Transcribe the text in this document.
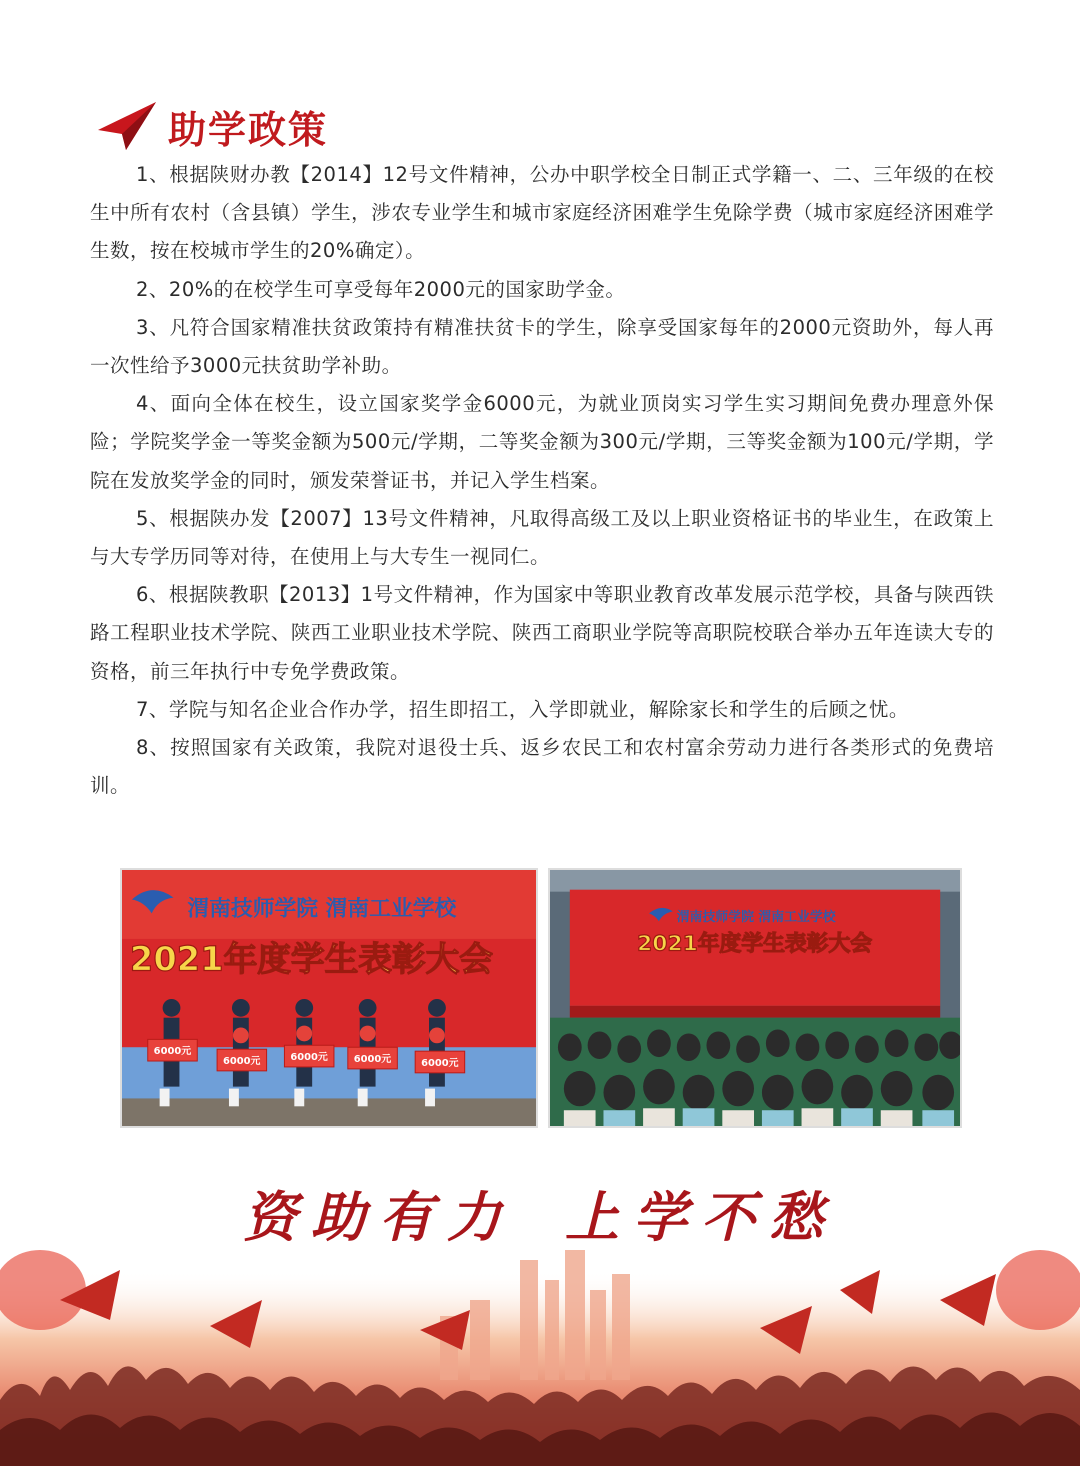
助学政策

1、根据陕财办教【2014】12号文件精神，公办中职学校全日制正式学籍一、二、三年级的在校生中所有农村（含县镇）学生，涉农专业学生和城市家庭经济困难学生免除学费（城市家庭经济困难学生数，按在校城市学生的20%确定）。

2、20%的在校学生可享受每年2000元的国家助学金。

3、凡符合国家精准扶贫政策持有精准扶贫卡的学生，除享受国家每年的2000元资助外，每人再一次性给予3000元扶贫助学补助。

4、面向全体在校生，设立国家奖学金6000元，为就业顶岗实习学生实习期间免费办理意外保险；学院奖学金一等奖金额为500元/学期，二等奖金额为300元/学期，三等奖金额为100元/学期，学院在发放奖学金的同时，颁发荣誉证书，并记入学生档案。

5、根据陕办发【2007】13号文件精神，凡取得高级工及以上职业资格证书的毕业生，在政策上与大专学历同等对待，在使用上与大专生一视同仁。

6、根据陕教职【2013】1号文件精神，作为国家中等职业教育改革发展示范学校，具备与陕西铁路工程职业技术学院、陕西工业职业技术学院、陕西工商职业学院等高职院校联合举办五年连读大专的资格，前三年执行中专免学费政策。

7、学院与知名企业合作办学，招生即招工，入学即就业，解除家长和学生的后顾之忧。

8、按照国家有关政策，我院对退役士兵、返乡农民工和农村富余劳动力进行各类形式的免费培训。

渭南技师学院 渭南工业学校
2021年度学生表彰大会
6000元
6000元	6000元	6000元	6000元
渭南技师学院 渭南工业学校
2021年度学生表彰大会
资助有力 上学不愁
